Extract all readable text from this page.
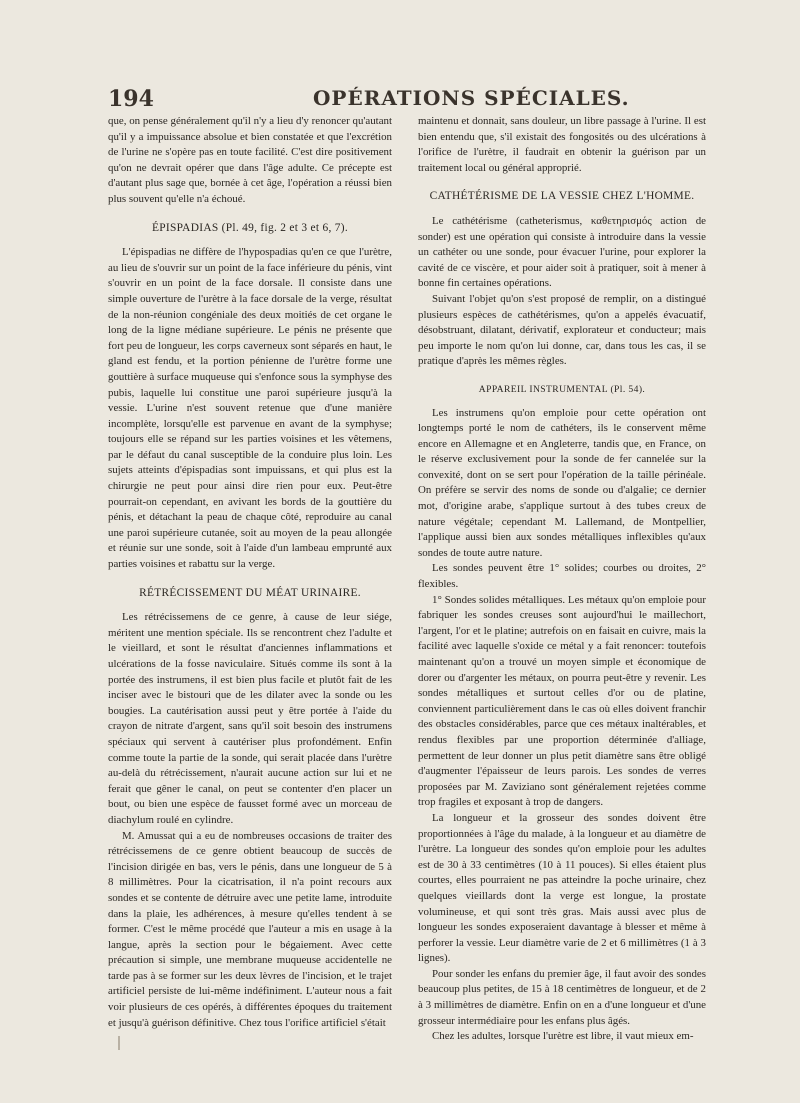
194	OPÉRATIONS SPÉCIALES.

que, on pense généralement qu'il n'y a lieu d'y renoncer qu'autant qu'il y a impuissance absolue et bien constatée et que l'excrétion de l'urine ne s'opère pas en toute facilité. C'est dire positivement qu'on ne devrait opérer que dans l'âge adulte. Ce précepte est d'autant plus sage que, bornée à cet âge, l'opération a réussi bien plus souvent qu'elle n'a échoué.

ÉPISPADIAS (Pl. 49, fig. 2 et 3 et 6, 7).

L'épispadias ne diffère de l'hypospadias qu'en ce que l'urètre, au lieu de s'ouvrir sur un point de la face inférieure du pénis, vint s'ouvrir en un point de la face dorsale. Il consiste dans une simple ouverture de l'urètre à la face dorsale de la verge, résultat de la non-réunion congéniale des deux moitiés de cet organe le long de la ligne médiane supérieure. Le pénis ne présente que fort peu de longueur, les corps caverneux sont séparés en haut, le gland est fendu, et la portion pénienne de l'urètre forme une gouttière à surface muqueuse qui s'enfonce sous la symphyse des pubis, laquelle lui constitue une paroi supérieure jusqu'à la vessie. L'urine n'est souvent retenue que d'une manière incomplète, lorsqu'elle est parvenue en avant de la symphyse; toujours elle se répand sur les parties voisines et les vêtemens, par le défaut du canal susceptible de la conduire plus loin. Les sujets atteints d'épispadias sont impuissans, et qui plus est la chirurgie ne peut pour ainsi dire rien pour eux. Peut-être pourrait-on cependant, en avivant les bords de la gouttière du pénis, et détachant la peau de chaque côté, reproduire au canal une paroi supérieure cutanée, soit au moyen de la peau allongée et réunie sur une sonde, soit à l'aide d'un lambeau emprunté aux parties voisines et rabattu sur la verge.

RÉTRÉCISSEMENT DU MÉAT URINAIRE.

Les rétrécissemens de ce genre, à cause de leur siége, méritent une mention spéciale. Ils se rencontrent chez l'adulte et le vieillard, et sont le résultat d'anciennes inflammations et ulcérations de la fosse naviculaire. Situés comme ils sont à la portée des instrumens, il est bien plus facile et plutôt fait de les inciser avec le bistouri que de les dilater avec la sonde ou les bougies. La cautérisation aussi peut y être portée à l'aide du crayon de nitrate d'argent, sans qu'il soit besoin des instrumens spéciaux qui servent à cautériser plus profondément. Enfin comme toute la partie de la sonde, qui serait placée dans l'urètre au-delà du rétrécissement, n'aurait aucune action sur lui et ne ferait que gêner le canal, on peut se contenter d'en placer un bout, ou bien une espèce de fausset formé avec un morceau de diachylum roulé en cylindre.

M. Amussat qui a eu de nombreuses occasions de traiter des rétrécissemens de ce genre obtient beaucoup de succès de l'incision dirigée en bas, vers le pénis, dans une longueur de 5 à 8 millimètres. Pour la cicatrisation, il n'a point recours aux sondes et se contente de détruire avec une petite lame, introduite dans la plaie, les adhérences, à mesure qu'elles tendent à se former. C'est le même procédé que l'auteur a mis en usage à la langue, après la section pour le bégaiement. Avec cette précaution si simple, une membrane muqueuse accidentelle ne tarde pas à se former sur les deux lèvres de l'incision, et le trajet artificiel persiste de lui-même indéfiniment. L'auteur nous a fait voir plusieurs de ces opérés, à différentes époques du traitement et jusqu'à guérison définitive. Chez tous l'orifice artificiel s'était

maintenu et donnait, sans douleur, un libre passage à l'urine. Il est bien entendu que, s'il existait des fongosités ou des ulcérations à l'orifice de l'urètre, il faudrait en obtenir la guérison par un traitement local ou général approprié.

CATHÉTÉRISME DE LA VESSIE CHEZ L'HOMME.

Le cathétérisme (catheterismus, καθετηρισμός action de sonder) est une opération qui consiste à introduire dans la vessie un cathéter ou une sonde, pour évacuer l'urine, pour explorer la cavité de ce viscère, et pour aider soit à pratiquer, soit à mener à bonne fin certaines opérations.

Suivant l'objet qu'on s'est proposé de remplir, on a distingué plusieurs espèces de cathétérismes, qu'on a appelés évacuatif, désobstruant, dilatant, dérivatif, explorateur et conducteur; mais peu importe le nom qu'on lui donne, car, dans tous les cas, il se pratique d'après les mêmes règles.

APPAREIL INSTRUMENTAL (Pl. 54).

Les instrumens qu'on emploie pour cette opération ont longtemps porté le nom de cathéters, ils le conservent même encore en Allemagne et en Angleterre, tandis que, en France, on le réserve exclusivement pour la sonde de fer cannelée sur la convexité, dont on se sert pour l'opération de la taille périnéale. On préfère se servir des noms de sonde ou d'algalie; ce dernier mot, d'origine arabe, s'applique surtout à des tubes creux de nature végétale; cependant M. Lallemand, de Montpellier, l'applique aussi bien aux sondes métalliques inflexibles qu'aux sondes de toute autre nature.

Les sondes peuvent être 1° solides; courbes ou droites, 2° flexibles.

1° Sondes solides métalliques. Les métaux qu'on emploie pour fabriquer les sondes creuses sont aujourd'hui le maillechort, l'argent, l'or et le platine; autrefois on en faisait en cuivre, mais la facilité avec laquelle s'oxide ce métal y a fait renoncer: toutefois maintenant qu'on a trouvé un moyen simple et économique de dorer ou d'argenter les métaux, on pourra peut-être y revenir. Les sondes métalliques et surtout celles d'or ou de platine, conviennent particulièrement dans le cas où elles doivent franchir des obstacles considérables, parce que ces métaux inaltérables, et rendus flexibles par une proportion déterminée d'alliage, permettent de leur donner un plus petit diamètre sans être obligé d'augmenter l'épaisseur de leurs parois. Les sondes de verres proposées par M. Zaviziano sont généralement rejetées comme trop fragiles et exposant à trop de dangers.

La longueur et la grosseur des sondes doivent être proportionnées à l'âge du malade, à la longueur et au diamètre de l'urètre. La longueur des sondes qu'on emploie pour les adultes est de 30 à 33 centimètres (10 à 11 pouces). Si elles étaient plus courtes, elles pourraient ne pas atteindre la poche urinaire, chez quelques vieillards dont la verge est longue, la prostate volumineuse, et qui sont très gras. Mais aussi avec plus de longueur les sondes exposeraient davantage à blesser et même à perforer la vessie. Leur diamètre varie de 2 et 6 millimètres (1 à 3 lignes).

Pour sonder les enfans du premier âge, il faut avoir des sondes beaucoup plus petites, de 15 à 18 centimètres de longueur, et de 2 à 3 millimètres de diamètre. Enfin on en a d'une longueur et d'une grosseur intermédiaire pour les enfans plus âgés.

Chez les adultes, lorsque l'urètre est libre, il vaut mieux em-
